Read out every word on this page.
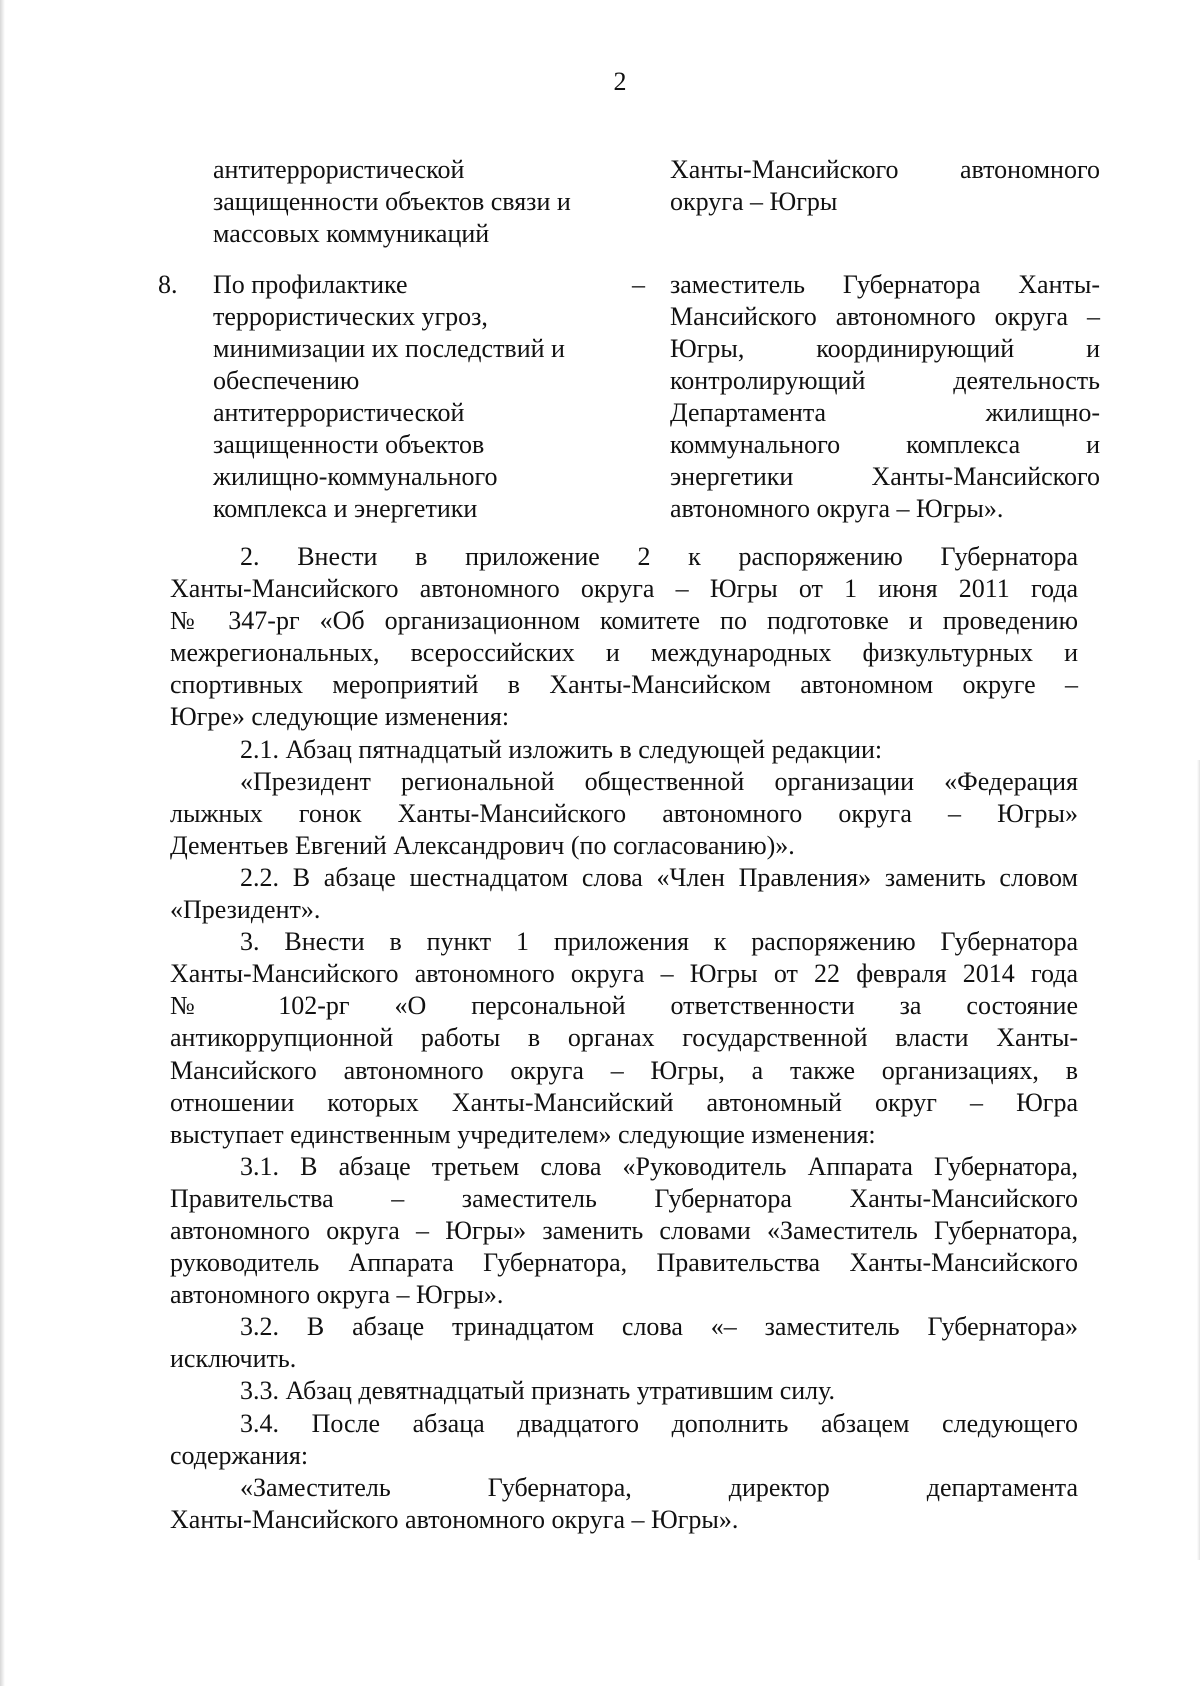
2
антитеррористической
защищенности объектов связи и
массовых коммуникаций
Ханты-Мансийского автономного
округа – Югры
8. По профилактике
террористических угроз,
минимизации их последствий и
обеспечению
антитеррористической
защищенности объектов
жилищно-коммунального
комплекса и энергетики
– заместитель Губернатора Ханты-
Мансийского автономного округа –
Югры, координирующий и
контролирующий деятельность
Департамента жилищно-
коммунального комплекса и
энергетики Ханты-Мансийского
автономного округа – Югры».
2. Внести в приложение 2 к распоряжению Губернатора
Ханты-Мансийского автономного округа – Югры от 1 июня 2011 года
№ 347-рг «Об организационном комитете по подготовке и проведению
межрегиональных, всероссийских и международных физкультурных и
спортивных мероприятий в Ханты-Мансийском автономном округе –
Югре» следующие изменения:
2.1. Абзац пятнадцатый изложить в следующей редакции:
«Президент региональной общественной организации «Федерация
лыжных гонок Ханты-Мансийского автономного округа – Югры»
Дементьев Евгений Александрович (по согласованию)».
2.2. В абзаце шестнадцатом слова «Член Правления» заменить словом
«Президент».
3. Внести в пункт 1 приложения к распоряжению Губернатора
Ханты-Мансийского автономного округа – Югры от 22 февраля 2014 года
№ 102-рг «О персональной ответственности за состояние
антикоррупционной работы в органах государственной власти Ханты-
Мансийского автономного округа – Югры, а также организациях, в
отношении которых Ханты-Мансийский автономный округ – Югра
выступает единственным учредителем» следующие изменения:
3.1. В абзаце третьем слова «Руководитель Аппарата Губернатора,
Правительства – заместитель Губернатора Ханты-Мансийского
автономного округа – Югры» заменить словами «Заместитель Губернатора,
руководитель Аппарата Губернатора, Правительства Ханты-Мансийского
автономного округа – Югры».
3.2. В абзаце тринадцатом слова «– заместитель Губернатора»
исключить.
3.3. Абзац девятнадцатый признать утратившим силу.
3.4. После абзаца двадцатого дополнить абзацем следующего
содержания:
«Заместитель Губернатора, директор департамента
Ханты-Мансийского автономного округа – Югры».
